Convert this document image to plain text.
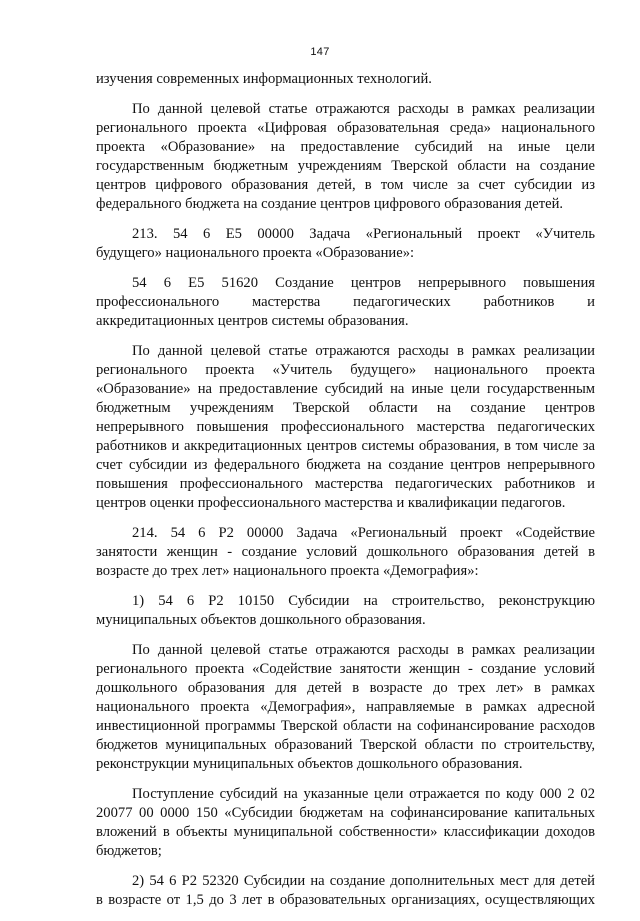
147
изучения современных информационных технологий.
По данной целевой статье отражаются расходы в рамках реализации
регионального проекта «Цифровая образовательная среда» национального
проекта «Образование» на предоставление субсидий на иные цели
государственным бюджетным учреждениям Тверской области на создание
центров цифрового образования детей, в том числе за счет субсидии из
федерального бюджета на создание центров цифрового образования детей.
213. 54 6 E5 00000 Задача «Региональный проект «Учитель
будущего» национального проекта «Образование»:
54 6 E5 51620 Создание центров непрерывного повышения
профессионального мастерства педагогических работников и
аккредитационных центров системы образования.
По данной целевой статье отражаются расходы в рамках реализации
регионального проекта «Учитель будущего» национального проекта
«Образование» на предоставление субсидий на иные цели государственным
бюджетным учреждениям Тверской области на создание центров
непрерывного повышения профессионального мастерства педагогических
работников и аккредитационных центров системы образования, в том числе за
счет субсидии из федерального бюджета на создание центров непрерывного
повышения профессионального мастерства педагогических работников и
центров оценки профессионального мастерства и квалификации педагогов.
214. 54 6 P2 00000 Задача «Региональный проект «Содействие
занятости женщин - создание условий дошкольного образования детей в
возрасте до трех лет» национального проекта «Демография»:
1) 54 6 P2 10150 Субсидии на строительство, реконструкцию
муниципальных объектов дошкольного образования.
По данной целевой статье отражаются расходы в рамках реализации
регионального проекта «Содействие занятости женщин - создание условий
дошкольного образования для детей в возрасте до трех лет» в рамках
национального проекта «Демография», направляемые в рамках адресной
инвестиционной программы Тверской области на софинансирование расходов
бюджетов муниципальных образований Тверской области по строительству,
реконструкции муниципальных объектов дошкольного образования.
Поступление субсидий на указанные цели отражается по коду 000 2 02
20077 00 0000 150 «Субсидии бюджетам на софинансирование капитальных
вложений в объекты муниципальной собственности» классификации доходов
бюджетов;
2) 54 6 P2 52320 Субсидии на создание дополнительных мест для детей
в возрасте от 1,5 до 3 лет в образовательных организациях, осуществляющих
